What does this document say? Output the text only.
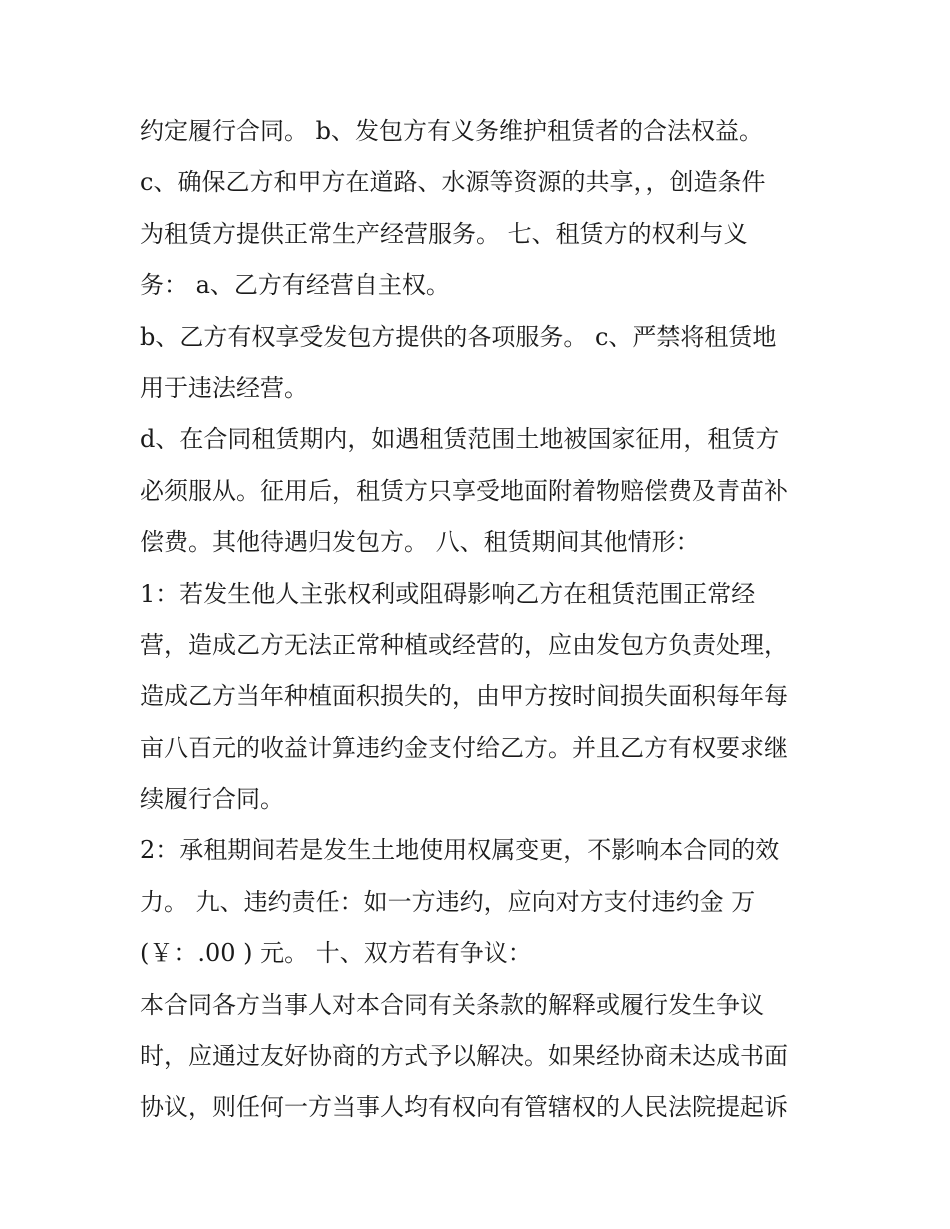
约定履行合同。 b、发包方有义务维护租赁者的合法权益。
c、确保乙方和甲方在道路、水源等资源的共享，，创造条件
为租赁方提供正常生产经营服务。 七、租赁方的权利与义
务： a、乙方有经营自主权。
b、乙方有权享受发包方提供的各项服务。 c、严禁将租赁地
用于违法经营。
d、在合同租赁期内，如遇租赁范围土地被国家征用，租赁方
必须服从。征用后，租赁方只享受地面附着物赔偿费及青苗补
偿费。其他待遇归发包方。 八、租赁期间其他情形：
1：若发生他人主张权利或阻碍影响乙方在租赁范围正常经
营，造成乙方无法正常种植或经营的，应由发包方负责处理，
造成乙方当年种植面积损失的，由甲方按时间损失面积每年每
亩八百元的收益计算违约金支付给乙方。并且乙方有权要求继
续履行合同。
2：承租期间若是发生土地使用权属变更，不影响本合同的效
力。 九、违约责任：如一方违约，应向对方支付违约金 万
(￥：.00 ) 元。 十、双方若有争议：
本合同各方当事人对本合同有关条款的解释或履行发生争议
时，应通过友好协商的方式予以解决。如果经协商未达成书面
协议，则任何一方当事人均有权向有管辖权的人民法院提起诉
